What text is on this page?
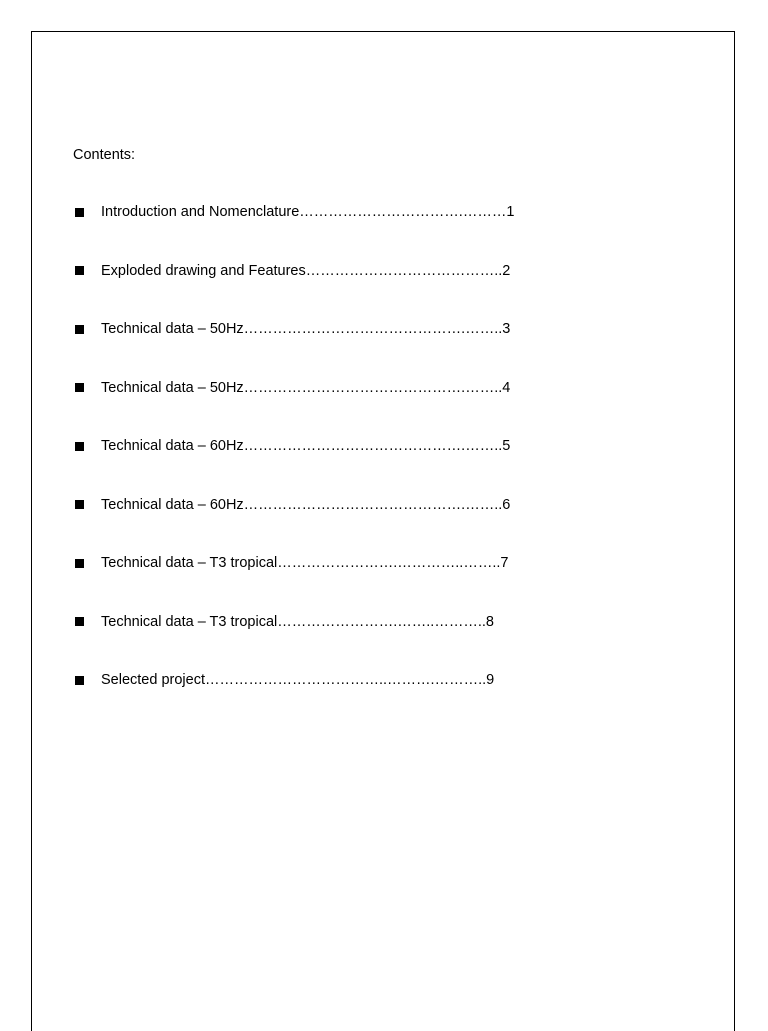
Contents:
Introduction and Nomenclature…………………………….………1
Exploded drawing and Features…………………………………..2
Technical data – 50Hz……………………………………….……..3
Technical data – 50Hz……………………………………….……..4
Technical data – 60Hz……………………………………….……..5
Technical data – 60Hz……………………………………….……..6
Technical data – T3 tropical…………………….…………..……..7
Technical data – T3 tropical…………………….……..………..8
Selected project………………………………..……….………..9
